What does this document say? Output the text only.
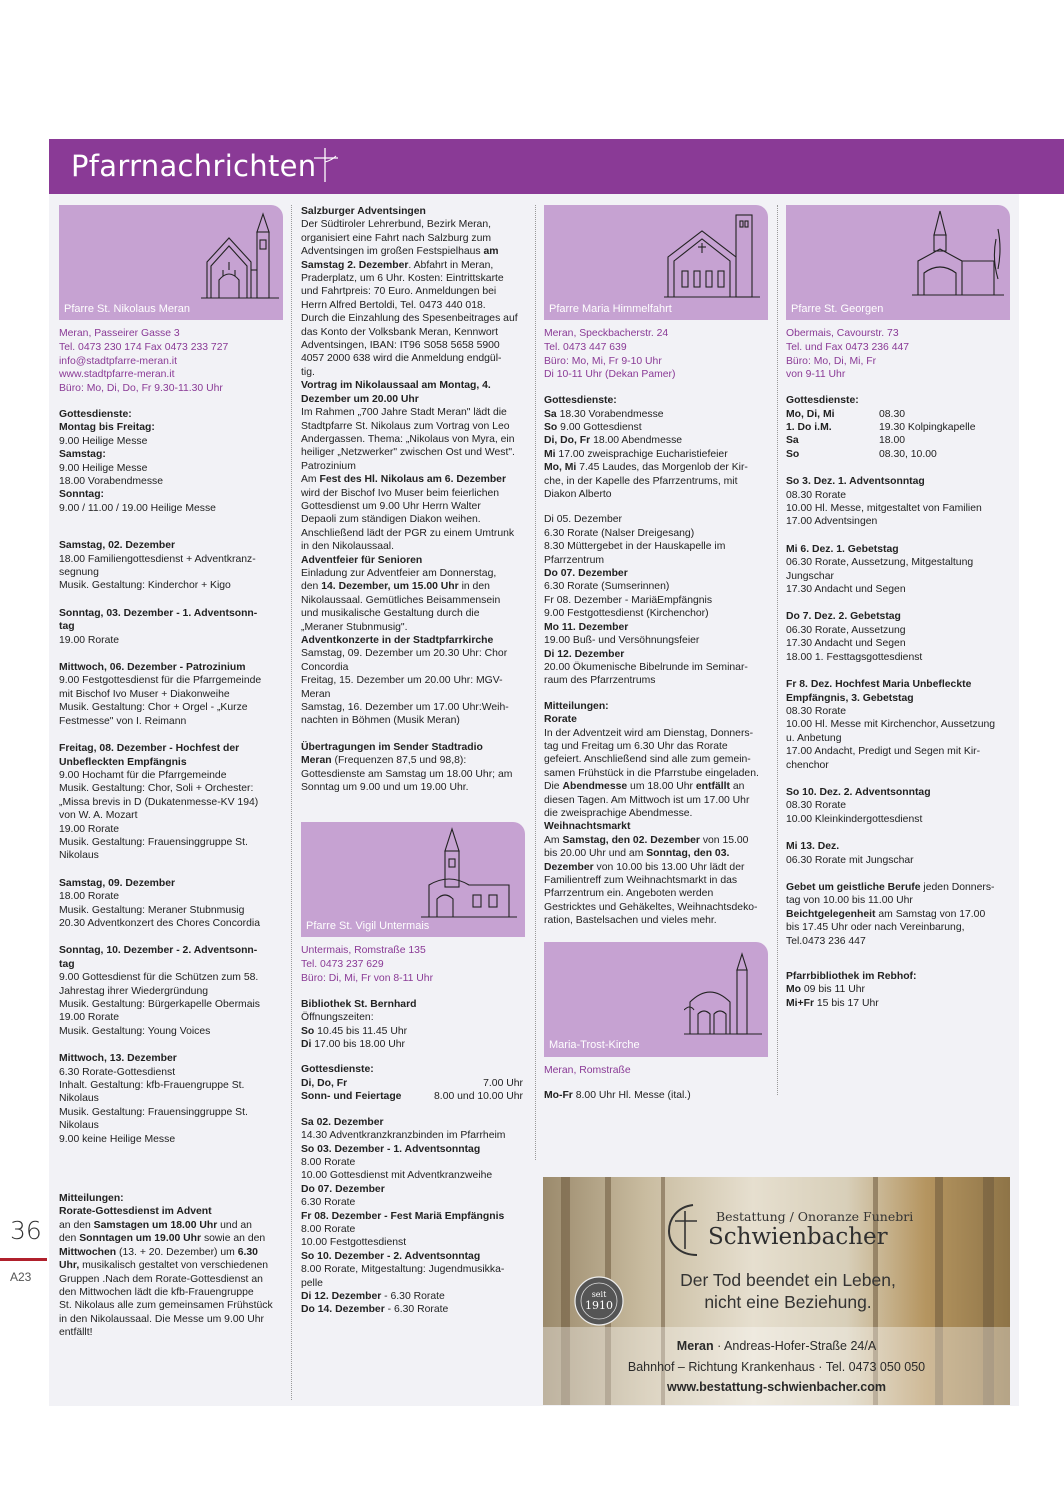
Pfarrnachrichten
Pfarre St. Nikolaus Meran
Meran, Passeirer Gasse 3
Tel. 0473 230 174 Fax 0473 233 727
info@stadtpfarre-meran.it
www.stadtpfarre-meran.it
Büro: Mo, Di, Do, Fr 9.30-11.30 Uhr
Gottesdienste:
Montag bis Freitag:
9.00 Heilige Messe
Samstag:
9.00 Heilige Messe
18.00 Vorabendmesse
Sonntag:
9.00 / 11.00 / 19.00 Heilige Messe
Samstag, 02. Dezember
18.00 Familiengottesdienst + Adventkranz-
segnung
Musik. Gestaltung: Kinderchor + Kigo
Sonntag, 03. Dezember - 1. Adventsonn-
tag
19.00 Rorate
Mittwoch, 06. Dezember - Patrozinium
9.00 Festgottesdienst für die Pfarrgemeinde
mit Bischof Ivo Muser + Diakonweihe
Musik. Gestaltung: Chor + Orgel - „Kurze
Festmesse" von I. Reimann
Freitag, 08. Dezember - Hochfest der
Unbefleckten Empfängnis
9.00 Hochamt für die Pfarrgemeinde
Musik. Gestaltung: Chor, Soli + Orchester:
„Missa brevis in D (Dukatenmesse-KV 194)
von W. A. Mozart
19.00 Rorate
Musik. Gestaltung: Frauensinggruppe St.
Nikolaus
Samstag, 09. Dezember
18.00 Rorate
Musik. Gestaltung: Meraner Stubnmusig
20.30 Adventkonzert des Chores Concordia
Sonntag, 10. Dezember - 2. Adventsonn-
tag
9.00 Gottesdienst für die Schützen zum 58.
Jahrestag ihrer Wiedergründung
Musik. Gestaltung: Bürgerkapelle Obermais
19.00 Rorate
Musik. Gestaltung: Young Voices
Mittwoch, 13. Dezember
6.30 Rorate-Gottesdienst
Inhalt. Gestaltung: kfb-Frauengruppe St.
Nikolaus
Musik. Gestaltung: Frauensinggruppe St.
Nikolaus
9.00 keine Heilige Messe
Mitteilungen:
Rorate-Gottesdienst im Advent
an den Samstagen um 18.00 Uhr und an
den Sonntagen um 19.00 Uhr sowie an den
Mittwochen (13. + 20. Dezember) um 6.30
Uhr, musikalisch gestaltet von verschiedenen
Gruppen .Nach dem Rorate-Gottesdienst an
den Mittwochen lädt die kfb-Frauengruppe
St. Nikolaus alle zum gemeinsamen Frühstück
in den Nikolaussaal. Die Messe um 9.00 Uhr
entfällt!
Salzburger Adventsingen
Der Südtiroler Lehrerbund, Bezirk Meran,
organisiert eine Fahrt nach Salzburg zum
Adventsingen im großen Festspielhaus am
Samstag 2. Dezember. Abfahrt in Meran,
Praderplatz, um 6 Uhr. Kosten: Eintrittskarte
und Fahrtpreis: 70 Euro. Anmeldungen bei
Herrn Alfred Bertoldi, Tel. 0473 440 018.
Durch die Einzahlung des Spesenbeitrages auf
das Konto der Volksbank Meran, Kennwort
Adventsingen, IBAN: IT96 S058 5658 5900
4057 2000 638 wird die Anmeldung endgül-
tig.
Vortrag im Nikolaussaal am Montag, 4.
Dezember um 20.00 Uhr
Im Rahmen „700 Jahre Stadt Meran" lädt die
Stadtpfarre St. Nikolaus zum Vortrag von Leo
Andergassen. Thema: „Nikolaus von Myra, ein
heiliger „Netzwerker" zwischen Ost und West".
Patrozinium
Am Fest des Hl. Nikolaus am 6. Dezember
wird der Bischof Ivo Muser beim feierlichen
Gottesdienst um 9.00 Uhr Herrn Walter
Depaoli zum ständigen Diakon weihen.
Anschließend lädt der PGR zu einem Umtrunk
in den Nikolaussaal.
Adventfeier für Senioren
Einladung zur Adventfeier am Donnerstag,
den 14. Dezember, um 15.00 Uhr in den
Nikolaussaal. Gemütliches Beisammensein
und musikalische Gestaltung durch die
„Meraner Stubnmusig".
Adventkonzerte in der Stadtpfarrkirche
Samstag, 09. Dezember um 20.30 Uhr: Chor
Concordia
Freitag, 15. Dezember um 20.00 Uhr: MGV-
Meran
Samstag, 16. Dezember um 17.00 Uhr:Weih-
nachten in Böhmen (Musik Meran)
Übertragungen im Sender Stadtradio
Meran (Frequenzen 87,5 und 98,8):
Gottesdienste am Samstag um 18.00 Uhr; am
Sonntag um 9.00 und um 19.00 Uhr.
Pfarre St. Vigil Untermais
Untermais, Romstraße 135
Tel. 0473 237 629
Büro: Di, Mi, Fr von 8-11 Uhr
Bibliothek St. Bernhard
Öffnungszeiten:
So 10.45 bis 11.45 Uhr
Di 17.00 bis 18.00 Uhr
Gottesdienste:
Di, Do, Fr	7.00 Uhr
Sonn- und Feiertage	8.00 und 10.00 Uhr
Sa 02. Dezember
14.30 Adventkranzkranzbinden im Pfarrheim
So 03. Dezember - 1. Adventsonntag
8.00 Rorate
10.00 Gottesdienst mit Adventkranzweihe
Do 07. Dezember
6.30 Rorate
Fr 08. Dezember - Fest Mariä Empfängnis
8.00 Rorate
10.00 Festgottesdienst
So 10. Dezember - 2. Adventsonntag
8.00 Rorate, Mitgestaltung: Jugendmusikka-
pelle
Di 12. Dezember - 6.30 Rorate
Do 14. Dezember - 6.30 Rorate
Pfarre Maria Himmelfahrt
Meran, Speckbacherstr. 24
Tel. 0473 447 639
Büro: Mo, Mi, Fr 9-10 Uhr
Di 10-11 Uhr (Dekan Pamer)
Gottesdienste:
Sa 18.30 Vorabendmesse
So 9.00 Gottesdienst
Di, Do, Fr 18.00 Abendmesse
Mi 17.00 zweisprachige Eucharistiefeier
Mo, Mi 7.45 Laudes, das Morgenlob der Kir-
che, in der Kapelle des Pfarrzentrums, mit
Diakon Alberto
Di 05. Dezember
6.30 Rorate (Nalser Dreigesang)
8.30 Müttergebet in der Hauskapelle im
Pfarrzentrum
Do 07. Dezember
6.30 Rorate (Sumserinnen)
Fr 08. Dezember - MariäEmpfängnis
9.00 Festgottesdienst (Kirchenchor)
Mo 11. Dezember
19.00 Buß- und Versöhnungsfeier
Di 12. Dezember
20.00 Ökumenische Bibelrunde im Seminar-
raum des Pfarrzentrums
Mitteilungen:
Rorate
In der Adventzeit wird am Dienstag, Donners-
tag und Freitag um 6.30 Uhr das Rorate
gefeiert. Anschließend sind alle zum gemein-
samen Frühstück in die Pfarrstube eingeladen.
Die Abendmesse um 18.00 Uhr entfällt an
diesen Tagen. Am Mittwoch ist um 17.00 Uhr
die zweisprachige Abendmesse.
Weihnachtsmarkt
Am Samstag, den 02. Dezember von 15.00
bis 20.00 Uhr und am Sonntag, den 03.
Dezember von 10.00 bis 13.00 Uhr lädt der
Familientreff zum Weihnachtsmarkt in das
Pfarrzentrum ein. Angeboten werden
Gestricktes und Gehäkeltes, Weihnachtsdeko-
ration, Bastelsachen und vieles mehr.
Maria-Trost-Kirche
Meran, Romstraße
Mo-Fr 8.00 Uhr Hl. Messe (ital.)
Pfarre St. Georgen
Obermais, Cavourstr. 73
Tel. und Fax 0473 236 447
Büro: Mo, Di, Mi, Fr
von 9-11 Uhr
Gottesdienste:
Mo, Di, Mi	08.30
1. Do i.M.	19.30 Kolpingkapelle
Sa	18.00
So	08.30, 10.00
So 3. Dez. 1. Adventsonntag
08.30 Rorate
10.00 Hl. Messe, mitgestaltet von Familien
17.00 Adventsingen
Mi 6. Dez. 1. Gebetstag
06.30 Rorate, Aussetzung, Mitgestaltung
Jungschar
17.30 Andacht und Segen
Do 7. Dez. 2. Gebetstag
06.30 Rorate, Aussetzung
17.30 Andacht und Segen
18.00 1. Festtagsgottesdienst
Fr 8. Dez. Hochfest Maria Unbefleckte
Empfängnis, 3. Gebetstag
08.30 Rorate
10.00 Hl. Messe mit Kirchenchor, Aussetzung
u. Anbetung
17.00 Andacht, Predigt und Segen mit Kir-
chenchor
So 10. Dez. 2. Adventsonntag
08.30 Rorate
10.00 Kleinkindergottesdienst
Mi 13. Dez.
06.30 Rorate mit Jungschar
Gebet um geistliche Berufe jeden Donners-
tag von 10.00 bis 11.00 Uhr
Beichtgelegenheit am Samstag von 17.00
bis 17.45 Uhr oder nach Vereinbarung,
Tel.0473 236 447
Pfarrbibliothek im Rebhof:
Mo 09 bis 11 Uhr
Mi+Fr 15 bis 17 Uhr
Bestattung / Onoranze Funebri
Schwienbacher
Der Tod beendet ein Leben,
nicht eine Beziehung.
seit
1910
Meran · Andreas-Hofer-Straße 24/A
Bahnhof – Richtung Krankenhaus · Tel. 0473 050 050
www.bestattung-schwienbacher.com
36
A23
